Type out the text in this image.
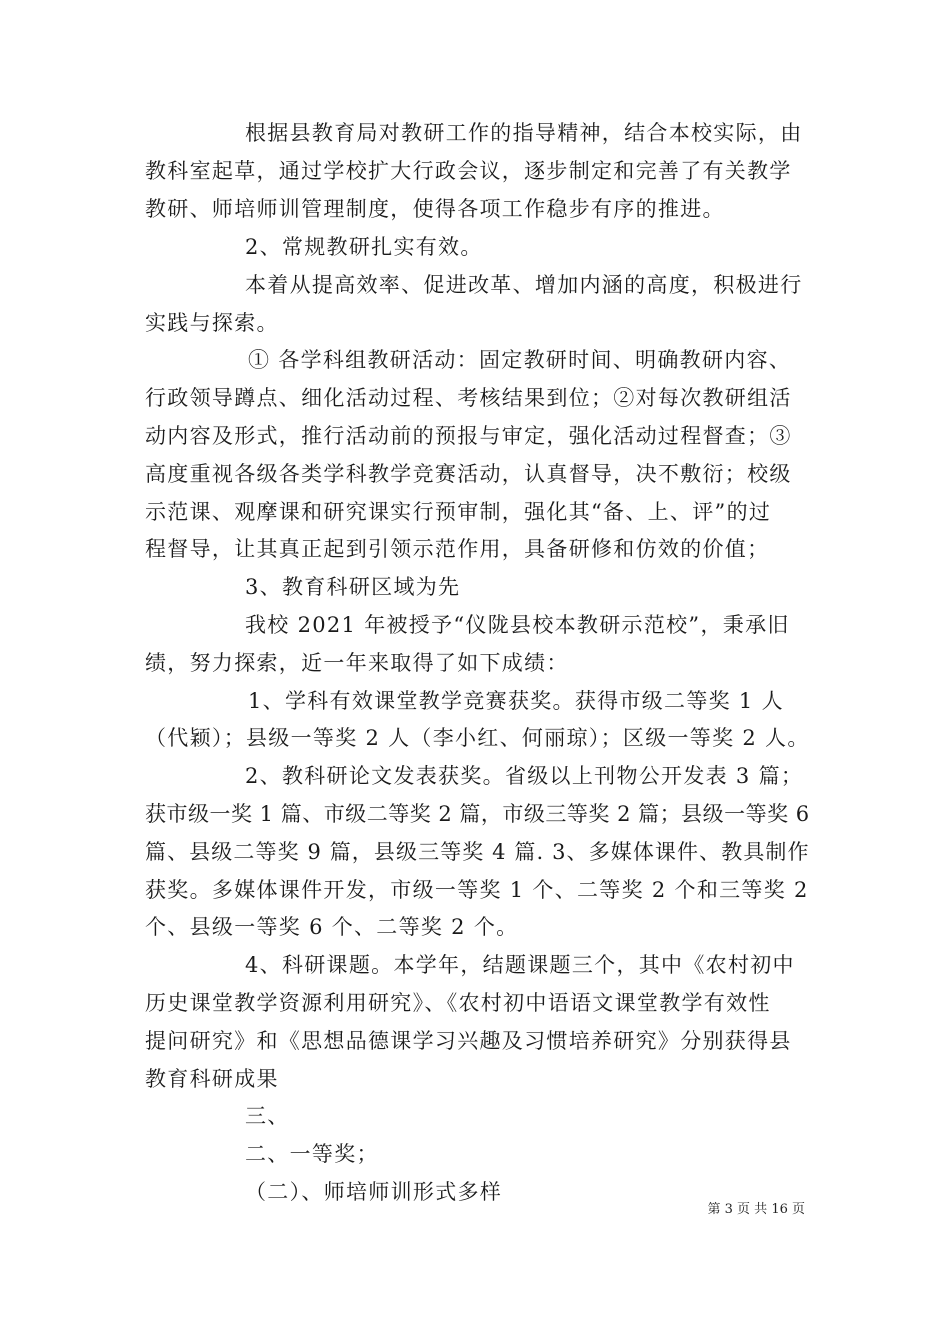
根据县教育局对教研工作的指导精神，结合本校实际，由
教科室起草，通过学校扩大行政会议，逐步制定和完善了有关教学
教研、师培师训管理制度，使得各项工作稳步有序的推进。
2、常规教研扎实有效。
本着从提高效率、促进改革、增加内涵的高度，积极进行
实践与探索。
① 各学科组教研活动：固定教研时间、明确教研内容、
行政领导蹲点、细化活动过程、考核结果到位；②对每次教研组活
动内容及形式，推行活动前的预报与审定，强化活动过程督查；③
高度重视各级各类学科教学竞赛活动，认真督导，决不敷衍；校级
示范课、观摩课和研究课实行预审制，强化其“备、上、评”的过
程督导，让其真正起到引领示范作用，具备研修和仿效的价值；
3、教育科研区域为先
我校 2021 年被授予“仪陇县校本教研示范校”，秉承旧
绩，努力探索，近一年来取得了如下成绩：
1、学科有效课堂教学竞赛获奖。获得市级二等奖 1 人
（代颖）；县级一等奖 2 人（李小红、何丽琼）；区级一等奖 2 人。
2、教科研论文发表获奖。省级以上刊物公开发表 3 篇；
获市级一奖 1 篇、市级二等奖 2 篇，市级三等奖 2 篇；县级一等奖 6
篇、县级二等奖 9 篇，县级三等奖 4 篇. 3、多媒体课件、教具制作
获奖。多媒体课件开发，市级一等奖 1 个、二等奖 2 个和三等奖 2
个、县级一等奖 6 个、二等奖 2 个。
4、科研课题。本学年，结题课题三个，其中《农村初中
历史课堂教学资源利用研究》、《农村初中语语文课堂教学有效性
提问研究》和《思想品德课学习兴趣及习惯培养研究》分别获得县
教育科研成果
三、
二、一等奖；
（二）、师培师训形式多样
第 3 页 共 16 页
